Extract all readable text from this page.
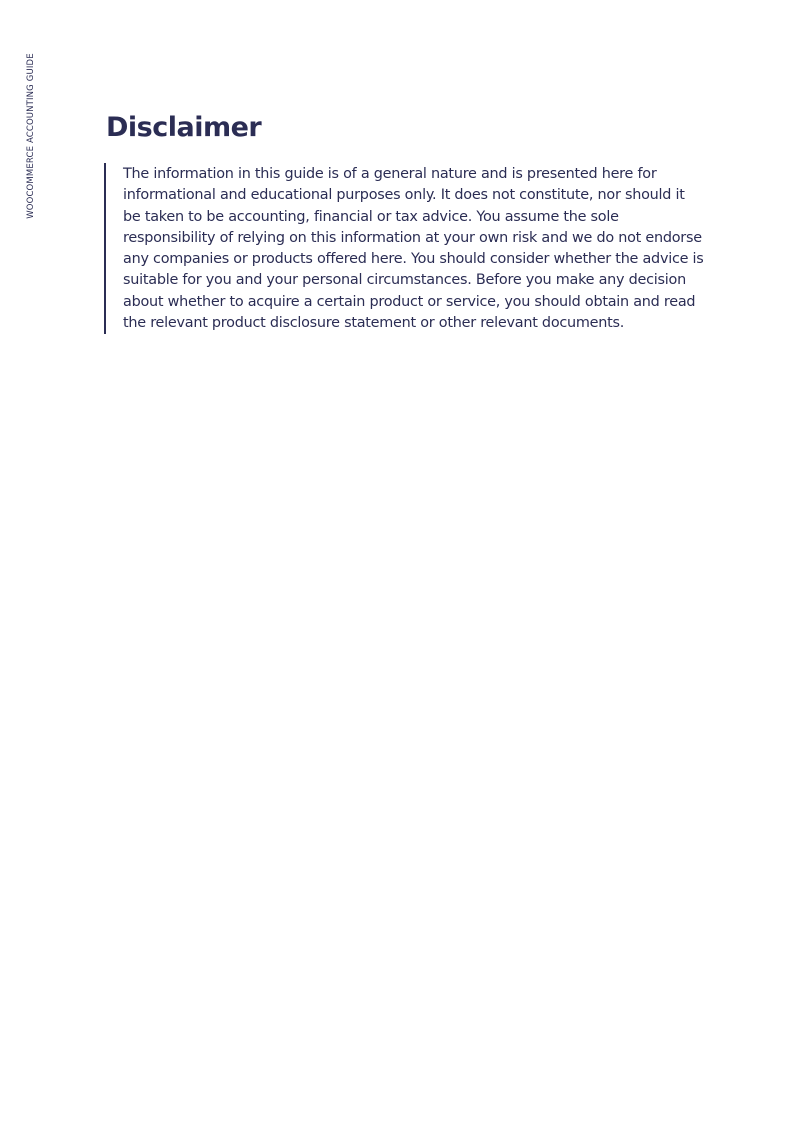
WOOCOMMERCE ACCOUNTING GUIDE	Disclaimer

The information in this guide is of a general nature and is presented here for informational and educational purposes only. It does not constitute, nor should it be taken to be accounting, financial or tax advice. You assume the sole responsibility of relying on this information at your own risk and we do not endorse any companies or products offered here. You should consider whether the advice is suitable for you and your personal circumstances. Before you make any decision about whether to acquire a certain product or service, you should obtain and read the relevant product disclosure statement or other relevant documents.
